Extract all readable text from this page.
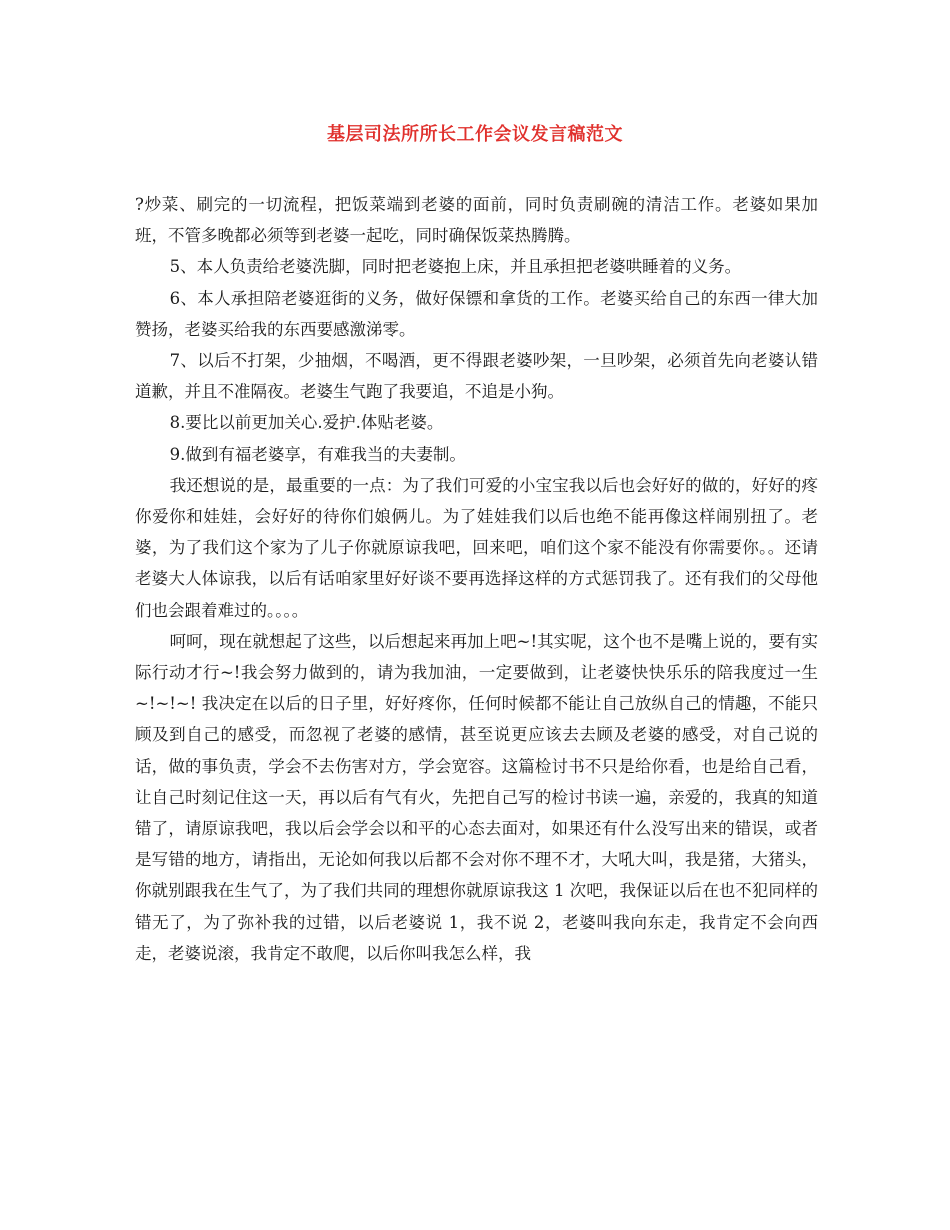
基层司法所所长工作会议发言稿范文

?炒菜、刷完的一切流程，把饭菜端到老婆的面前，同时负责刷碗的清洁工作。老婆如果加班，不管多晚都必须等到老婆一起吃，同时确保饭菜热腾腾。

5、本人负责给老婆洗脚，同时把老婆抱上床，并且承担把老婆哄睡着的义务。

6、本人承担陪老婆逛街的义务，做好保镖和拿货的工作。老婆买给自己的东西一律大加赞扬，老婆买给我的东西要感激涕零。

7、以后不打架，少抽烟，不喝酒，更不得跟老婆吵架，一旦吵架，必须首先向老婆认错道歉，并且不准隔夜。老婆生气跑了我要追，不追是小狗。

8.要比以前更加关心.爱护.体贴老婆。

9.做到有福老婆享，有难我当的夫妻制。

我还想说的是，最重要的一点：为了我们可爱的小宝宝我以后也会好好的做的，好好的疼你爱你和娃娃，会好好的待你们娘俩儿。为了娃娃我们以后也绝不能再像这样闹别扭了。老婆，为了我们这个家为了儿子你就原谅我吧，回来吧，咱们这个家不能没有你需要你。。还请老婆大人体谅我，以后有话咱家里好好谈不要再选择这样的方式惩罚我了。还有我们的父母他们也会跟着难过的。。。。

呵呵，现在就想起了这些，以后想起来再加上吧~!其实呢，这个也不是嘴上说的，要有实际行动才行~!我会努力做到的，请为我加油，一定要做到，让老婆快快乐乐的陪我度过一生~!~!~! 我决定在以后的日子里，好好疼你，任何时候都不能让自己放纵自己的情趣，不能只顾及到自己的感受，而忽视了老婆的感情，甚至说更应该去去顾及老婆的感受，对自己说的话，做的事负责，学会不去伤害对方，学会宽容。这篇检讨书不只是给你看，也是给自己看，让自己时刻记住这一天，再以后有气有火，先把自己写的检讨书读一遍，亲爱的，我真的知道错了，请原谅我吧，我以后会学会以和平的心态去面对，如果还有什么没写出来的错误，或者是写错的地方，请指出，无论如何我以后都不会对你不理不才，大吼大叫，我是猪，大猪头，你就别跟我在生气了，为了我们共同的理想你就原谅我这 1 次吧，我保证以后在也不犯同样的错无了，为了弥补我的过错，以后老婆说 1，我不说 2，老婆叫我向东走，我肯定不会向西走，老婆说滚，我肯定不敢爬，以后你叫我怎么样，我
